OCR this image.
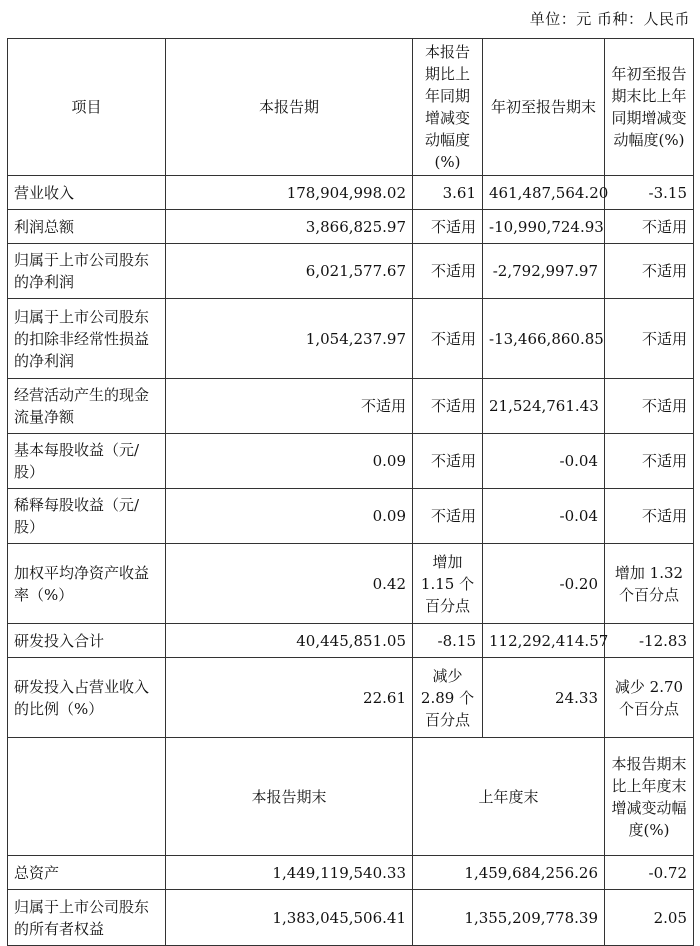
单位：元 币种：人民币
项目	本报告期	本报告期比上年同期增减变动幅度(%)	年初至报告期末	年初至报告期末比上年同期增减变动幅度(%)
营业收入	178,904,998.02	3.61	461,487,564.20	-3.15
利润总额	3,866,825.97	不适用	-10,990,724.93	不适用
归属于上市公司股东的净利润	6,021,577.67	不适用	-2,792,997.97	不适用
归属于上市公司股东的扣除非经常性损益的净利润	1,054,237.97	不适用	-13,466,860.85	不适用
经营活动产生的现金流量净额	不适用	不适用	21,524,761.43	不适用
基本每股收益（元/股）	0.09	不适用	-0.04	不适用
稀释每股收益（元/股）	0.09	不适用	-0.04	不适用
加权平均净资产收益率（%）	0.42	增加 1.15 个百分点	-0.20	增加 1.32 个百分点
研发投入合计	40,445,851.05	-8.15	112,292,414.57	-12.83
研发投入占营业收入的比例（%）	22.61	减少 2.89 个百分点	24.33	减少 2.70 个百分点
	本报告期末	上年度末		本报告期末比上年度末增减变动幅度(%)
总资产	1,449,119,540.33	1,459,684,256.26		-0.72
归属于上市公司股东的所有者权益	1,383,045,506.41	1,355,209,778.39		2.05
